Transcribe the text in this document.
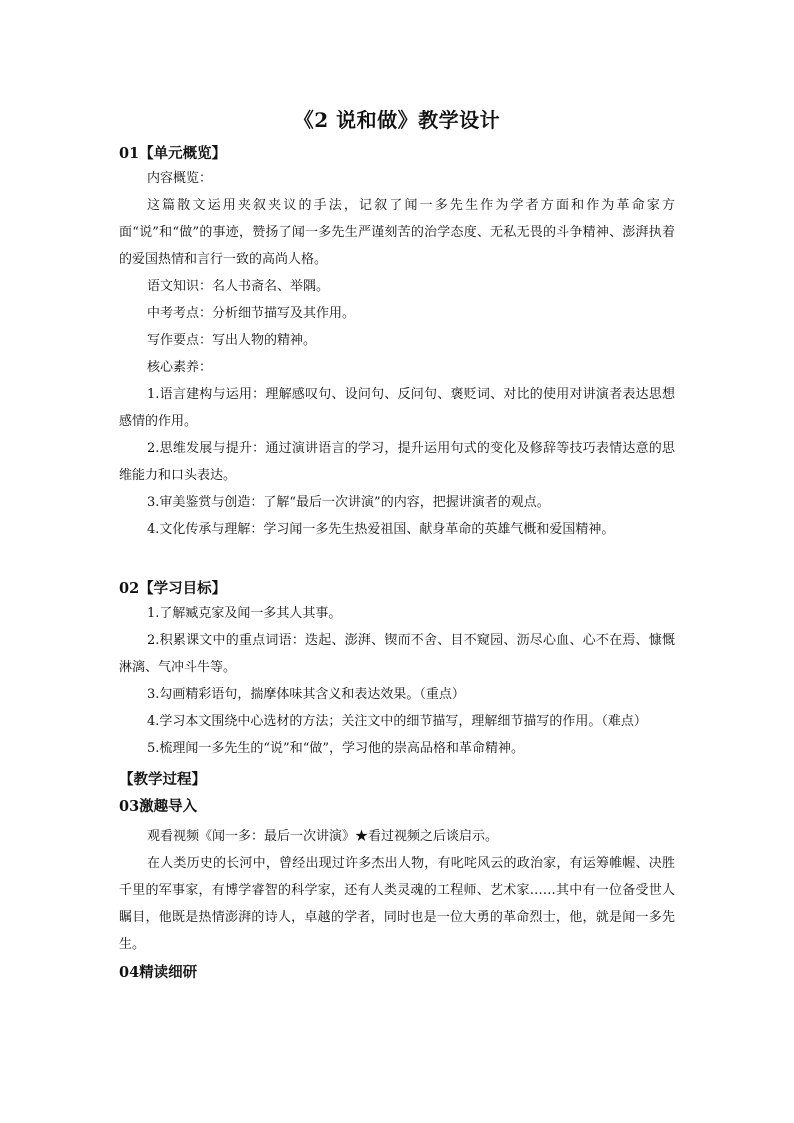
《2 说和做》教学设计
01【单元概览】
内容概览：
这篇散文运用夹叙夹议的手法，记叙了闻一多先生作为学者方面和作为革命家方面“说”和“做”的事迹，赞扬了闻一多先生严谨刻苦的治学态度、无私无畏的斗争精神、澎湃执着的爱国热情和言行一致的高尚人格。
语文知识：名人书斋名、举隅。
中考考点：分析细节描写及其作用。
写作要点：写出人物的精神。
核心素养：
1.语言建构与运用：理解感叹句、设问句、反问句、褒贬词、对比的使用对讲演者表达思想感情的作用。
2.思维发展与提升：通过演讲语言的学习，提升运用句式的变化及修辞等技巧表情达意的思维能力和口头表达。
3.审美鉴赏与创造：了解“最后一次讲演”的内容，把握讲演者的观点。
4.文化传承与理解：学习闻一多先生热爱祖国、献身革命的英雄气概和爱国精神。
02【学习目标】
1.了解臧克家及闻一多其人其事。
2.积累课文中的重点词语：迭起、澎湃、锲而不舍、目不窥园、沥尽心血、心不在焉、慷慨淋漓、气冲斗牛等。
3.勾画精彩语句，揣摩体味其含义和表达效果。（重点）
4.学习本文围绕中心选材的方法；关注文中的细节描写，理解细节描写的作用。（难点）
5.梳理闻一多先生的“说”和“做”，学习他的崇高品格和革命精神。
【教学过程】
03激趣导入
观看视频《闻一多：最后一次讲演》★看过视频之后谈启示。
在人类历史的长河中，曾经出现过许多杰出人物，有叱咤风云的政治家，有运筹帷幄、决胜千里的军事家，有博学睿智的科学家，还有人类灵魂的工程师、艺术家……其中有一位备受世人瞩目，他既是热情澎湃的诗人，卓越的学者，同时也是一位大勇的革命烈士，他，就是闻一多先生。
04精读细研
